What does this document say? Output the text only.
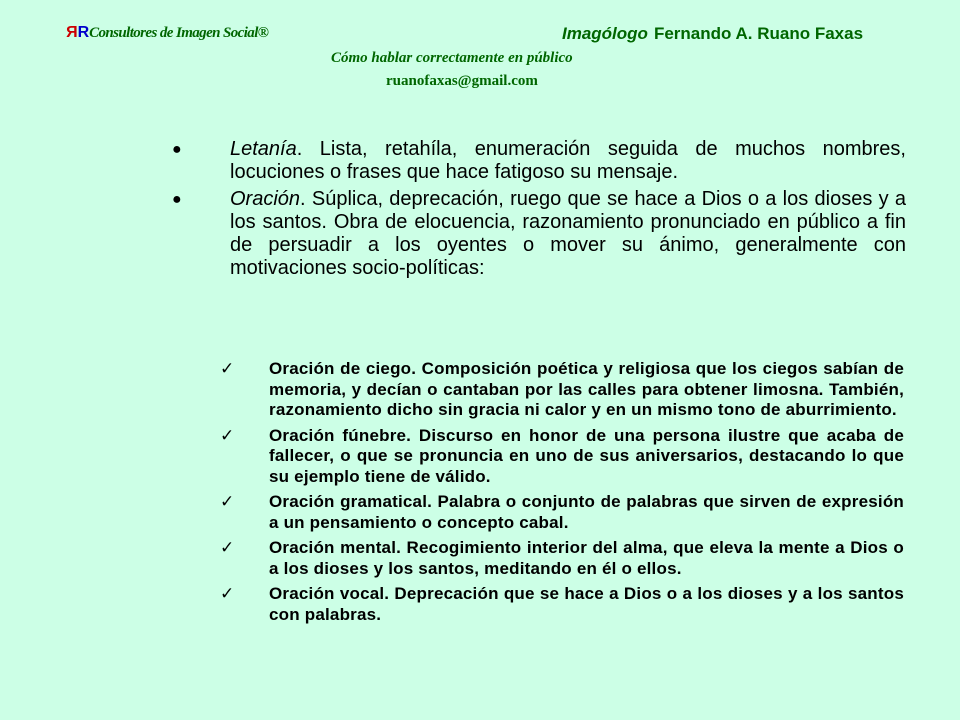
RRConsultores de Imagen Social®	Imagólogo Fernando A. Ruano Faxas
Cómo hablar correctamente en público
ruanofaxas@gmail.com
● Letanía. Lista, retahíla, enumeración seguida de muchos nombres, locuciones o frases que hace fatigoso su mensaje.
● Oración. Súplica, deprecación, ruego que se hace a Dios o a los dioses y a los santos. Obra de elocuencia, razonamiento pronunciado en público a fin de persuadir a los oyentes o mover su ánimo, generalmente con motivaciones socio-políticas:
✓ Oración de ciego. Composición poética y religiosa que los ciegos sabían de memoria, y decían o cantaban por las calles para obtener limosna. También, razonamiento dicho sin gracia ni calor y en un mismo tono de aburrimiento.
✓ Oración fúnebre. Discurso en honor de una persona ilustre que acaba de fallecer, o que se pronuncia en uno de sus aniversarios, destacando lo que su ejemplo tiene de válido.
✓ Oración gramatical. Palabra o conjunto de palabras que sirven de expresión a un pensamiento o concepto cabal.
✓ Oración mental. Recogimiento interior del alma, que eleva la mente a Dios o a los dioses y los santos, meditando en él o ellos.
✓ Oración vocal. Deprecación que se hace a Dios o a los dioses y a los santos con palabras.
